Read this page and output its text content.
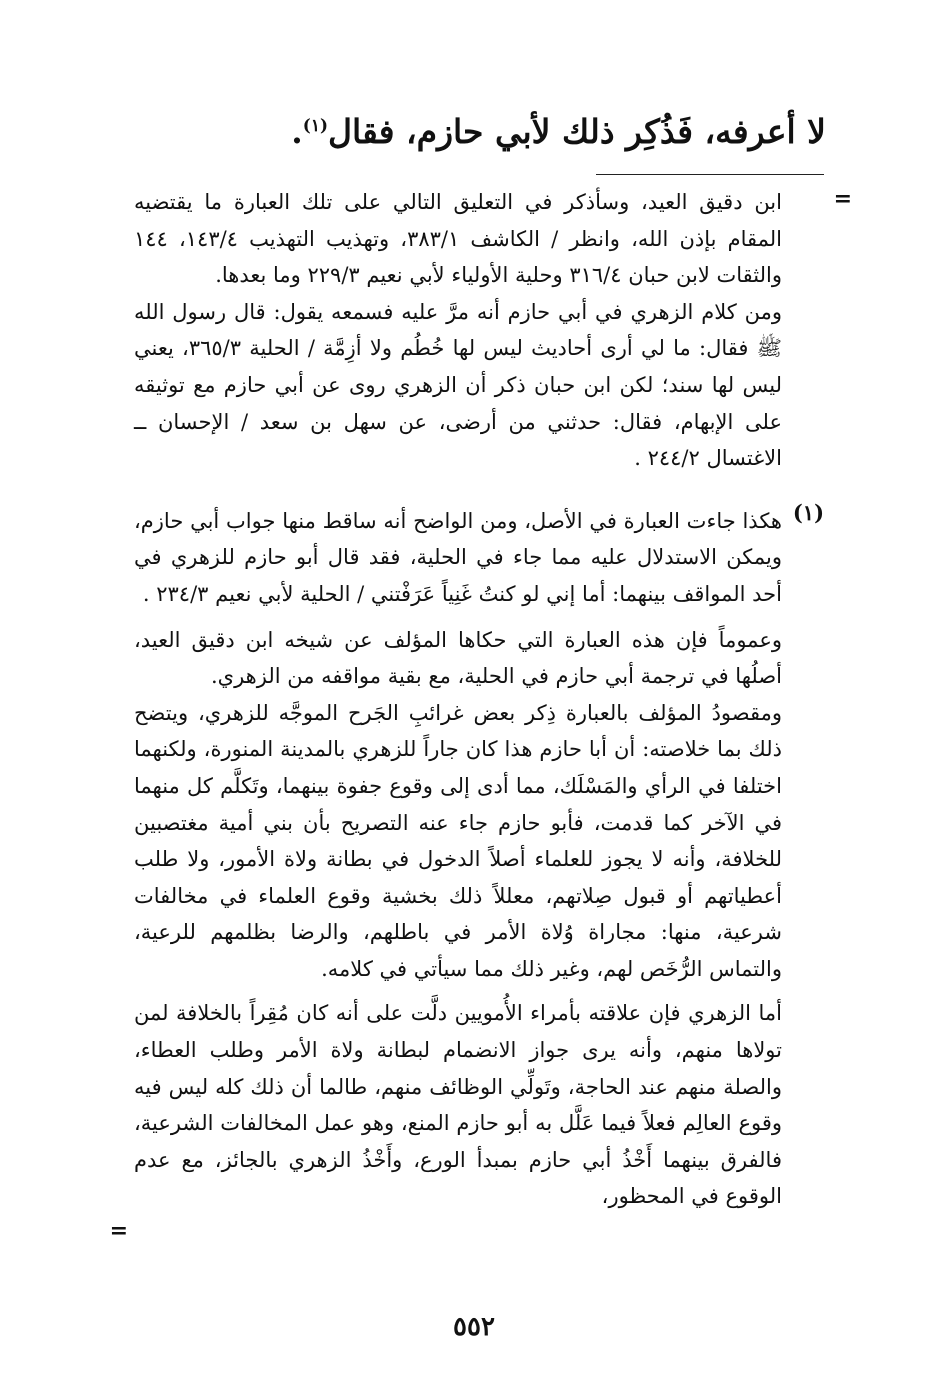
لا أعرفه، فَذُكِر ذلك لأبي حازم، فقال$^{(١)}$.
=
(١)
=

ابن دقيق العيد، وسأذكر في التعليق التالي على تلك العبارة ما يقتضيه المقام بإذن الله، وانظر / الكاشف ٣٨٣/١، وتهذيب التهذيب ١٤٣/٤، ١٤٤ والثقات لابن حبان ٣١٦/٤ وحلية الأولياء لأبي نعيم ٢٢٩/٣ وما بعدها.

ومن كلام الزهري في أبي حازم أنه مرَّ عليه فسمعه يقول: قال رسول الله ﷺ فقال: ما لي أرى أحاديث ليس لها خُطُم ولا أزِمَّة / الحلية ٣٦٥/٣، يعني ليس لها سند؛ لكن ابن حبان ذكر أن الزهري روى عن أبي حازم مع توثيقه على الإبهام، فقال: حدثني من أرضى، عن سهل بن سعد / الإحسان ــ الاغتسال ٢٤٤/٢ .

هكذا جاءت العبارة في الأصل، ومن الواضح أنه ساقط منها جواب أبي حازم، ويمكن الاستدلال عليه مما جاء في الحلية، فقد قال أبو حازم للزهري في أحد المواقف بينهما: أما إني لو كنتُ غَنِياً عَرَفْتني / الحلية لأبي نعيم ٢٣٤/٣ .

وعموماً فإن هذه العبارة التي حكاها المؤلف عن شيخه ابن دقيق العيد، أصلُها في ترجمة أبي حازم في الحلية، مع بقية مواقفه من الزهري.

ومقصودُ المؤلف بالعبارة ذِكر بعض غرائبِ الجَرح الموجَّه للزهري، ويتضح ذلك بما خلاصته: أن أبا حازم هذا كان جاراً للزهري بالمدينة المنورة، ولكنهما اختلفا في الرأي والمَسْلَك، مما أدى إلى وقوع جفوة بينهما، وتَكلَّم كل منهما في الآخر كما قدمت، فأبو حازم جاء عنه التصريح بأن بني أمية مغتصبين للخلافة، وأنه لا يجوز للعلماء أصلاً الدخول في بطانة ولاة الأمور، ولا طلب أعطياتهم أو قبول صِلاتهم، معللاً ذلك بخشية وقوع العلماء في مخالفات شرعية، منها: مجاراة وُلاة الأمر في باطلهم، والرضا بظلمهم للرعية، والتماس الرُّخَص لهم، وغير ذلك مما سيأتي في كلامه.

أما الزهري فإن علاقته بأمراء الأُمويين دلَّت على أنه كان مُقِراً بالخلافة لمن تولاها منهم، وأنه يرى جواز الانضمام لبطانة ولاة الأمر وطلب العطاء، والصلة منهم عند الحاجة، وتَولِّي الوظائف منهم، طالما أن ذلك كله ليس فيه وقوع العالِم فعلاً فيما عَلَّل به أبو حازم المنع، وهو عمل المخالفات الشرعية، فالفرق بينهما أَخْذُ أبي حازم بمبدأ الورع، وأَخْذُ الزهري بالجائز، مع عدم الوقوع في المحظور،

٥٥٢
